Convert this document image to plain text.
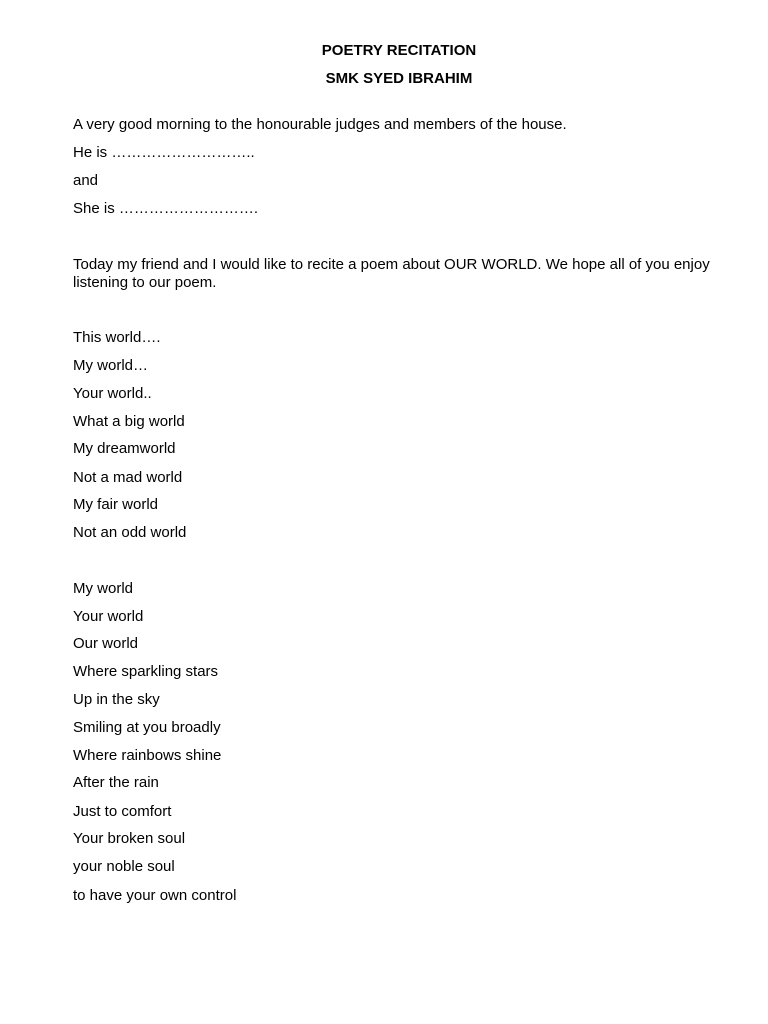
POETRY RECITATION
SMK SYED IBRAHIM
A very good morning to the honourable judges and members of the house.
He is ………………………..
and
She is ……………………….
Today my friend and I would like to recite a poem about OUR WORLD. We hope all of you enjoy listening to our poem.
This world….
My world…
Your world..
What a big world
My dreamworld
Not a mad world
My fair world
Not an odd world
My world
Your world
Our world
Where sparkling stars
Up in the sky
Smiling at you broadly
Where rainbows shine
After the rain
Just to comfort
Your broken soul
your noble soul
to have your own control
